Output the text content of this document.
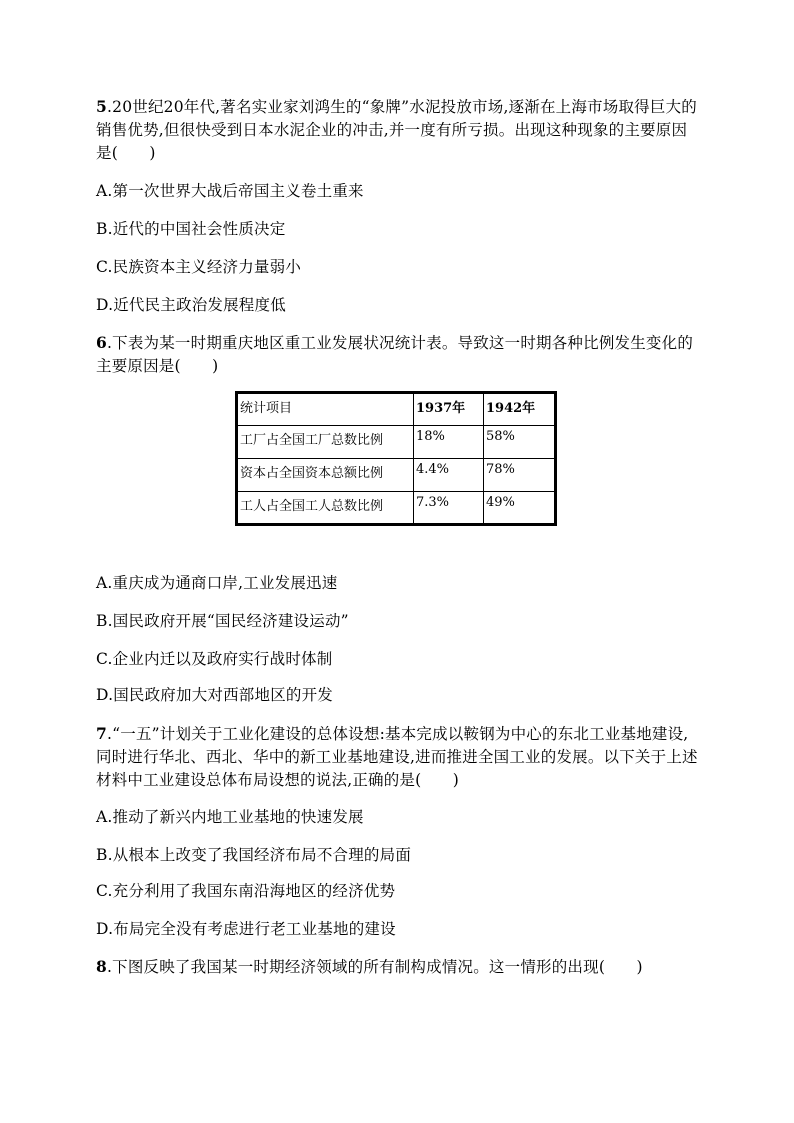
5.20世纪20年代,著名实业家刘鸿生的“象牌”水泥投放市场,逐渐在上海市场取得巨大的销售优势,但很快受到日本水泥企业的冲击,并一度有所亏损。出现这种现象的主要原因是(　　)
A.第一次世界大战后帝国主义卷土重来
B.近代的中国社会性质决定
C.民族资本主义经济力量弱小
D.近代民主政治发展程度低
6.下表为某一时期重庆地区重工业发展状况统计表。导致这一时期各种比例发生变化的主要原因是(　　)
统计项目	1937年	1942年
工厂占全国工厂总数比例	18%	58%
资本占全国资本总额比例	4.4%	78%
工人占全国工人总数比例	7.3%	49%
A.重庆成为通商口岸,工业发展迅速
B.国民政府开展“国民经济建设运动”
C.企业内迁以及政府实行战时体制
D.国民政府加大对西部地区的开发
7.“一五”计划关于工业化建设的总体设想:基本完成以鞍钢为中心的东北工业基地建设,同时进行华北、西北、华中的新工业基地建设,进而推进全国工业的发展。以下关于上述材料中工业建设总体布局设想的说法,正确的是(　　)
A.推动了新兴内地工业基地的快速发展
B.从根本上改变了我国经济布局不合理的局面
C.充分利用了我国东南沿海地区的经济优势
D.布局完全没有考虑进行老工业基地的建设
8.下图反映了我国某一时期经济领域的所有制构成情况。这一情形的出现(　　)
